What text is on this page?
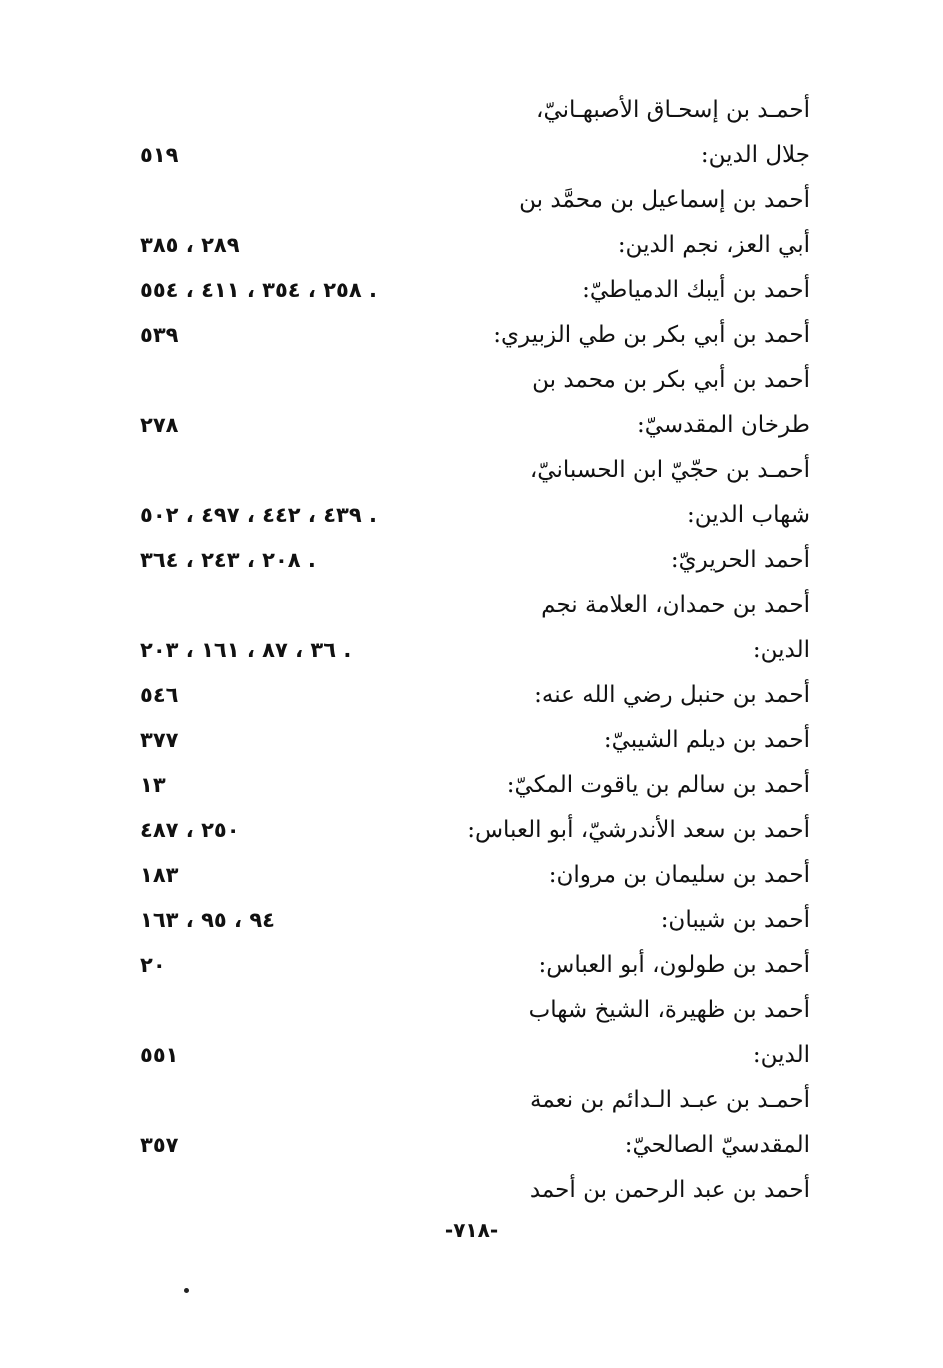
أحمـد بن إسحـاق الأصبهـانيّ،
جلال الدين:
٥١٩
أحمد بن إسماعيل بن محمَّد بن
أبي العز، نجم الدين:
٢٨٩ ، ٣٨٥
أحمد بن أيبك الدمياطيّ:
٢٥٨ ، ٣٥٤ ، ٤١١ ، ٥٥٤ .
أحمد بن أبي بكر بن طي الزبيري:
٥٣٩
أحمد بن أبي بكر بن محمد بن
طرخان المقدسيّ:
٢٧٨
أحمـد بن حجّيّ ابن الحسبانيّ،
شهاب الدين:
٤٣٩ ، ٤٤٢ ، ٤٩٧ ، ٥٠٢ .
أحمد الحريريّ:
٢٠٨ ، ٢٤٣ ، ٣٦٤ .
أحمد بن حمدان، العلامة نجم
الدين:
٣٦ ، ٨٧ ، ١٦١ ، ٢٠٣ .
أحمد بن حنبل رضي الله عنه:
٥٤٦
أحمد بن ديلم الشيبيّ:
٣٧٧
أحمد بن سالم بن ياقوت المكيّ:
١٣
أحمد بن سعد الأندرشيّ، أبو العباس:
٢٥٠ ، ٤٨٧
أحمد بن سليمان بن مروان:
١٨٣
أحمد بن شيبان:
٩٤ ، ٩٥ ، ١٦٣
أحمد بن طولون، أبو العباس:
٢٠
أحمد بن ظهيرة، الشيخ شهاب
الدين:
٥٥١
أحمـد بن عبـد الـدائم بن نعمة
المقدسيّ الصالحيّ:
٣٥٧
أحمد بن عبد الرحمن بن أحمد
-٧١٨-
